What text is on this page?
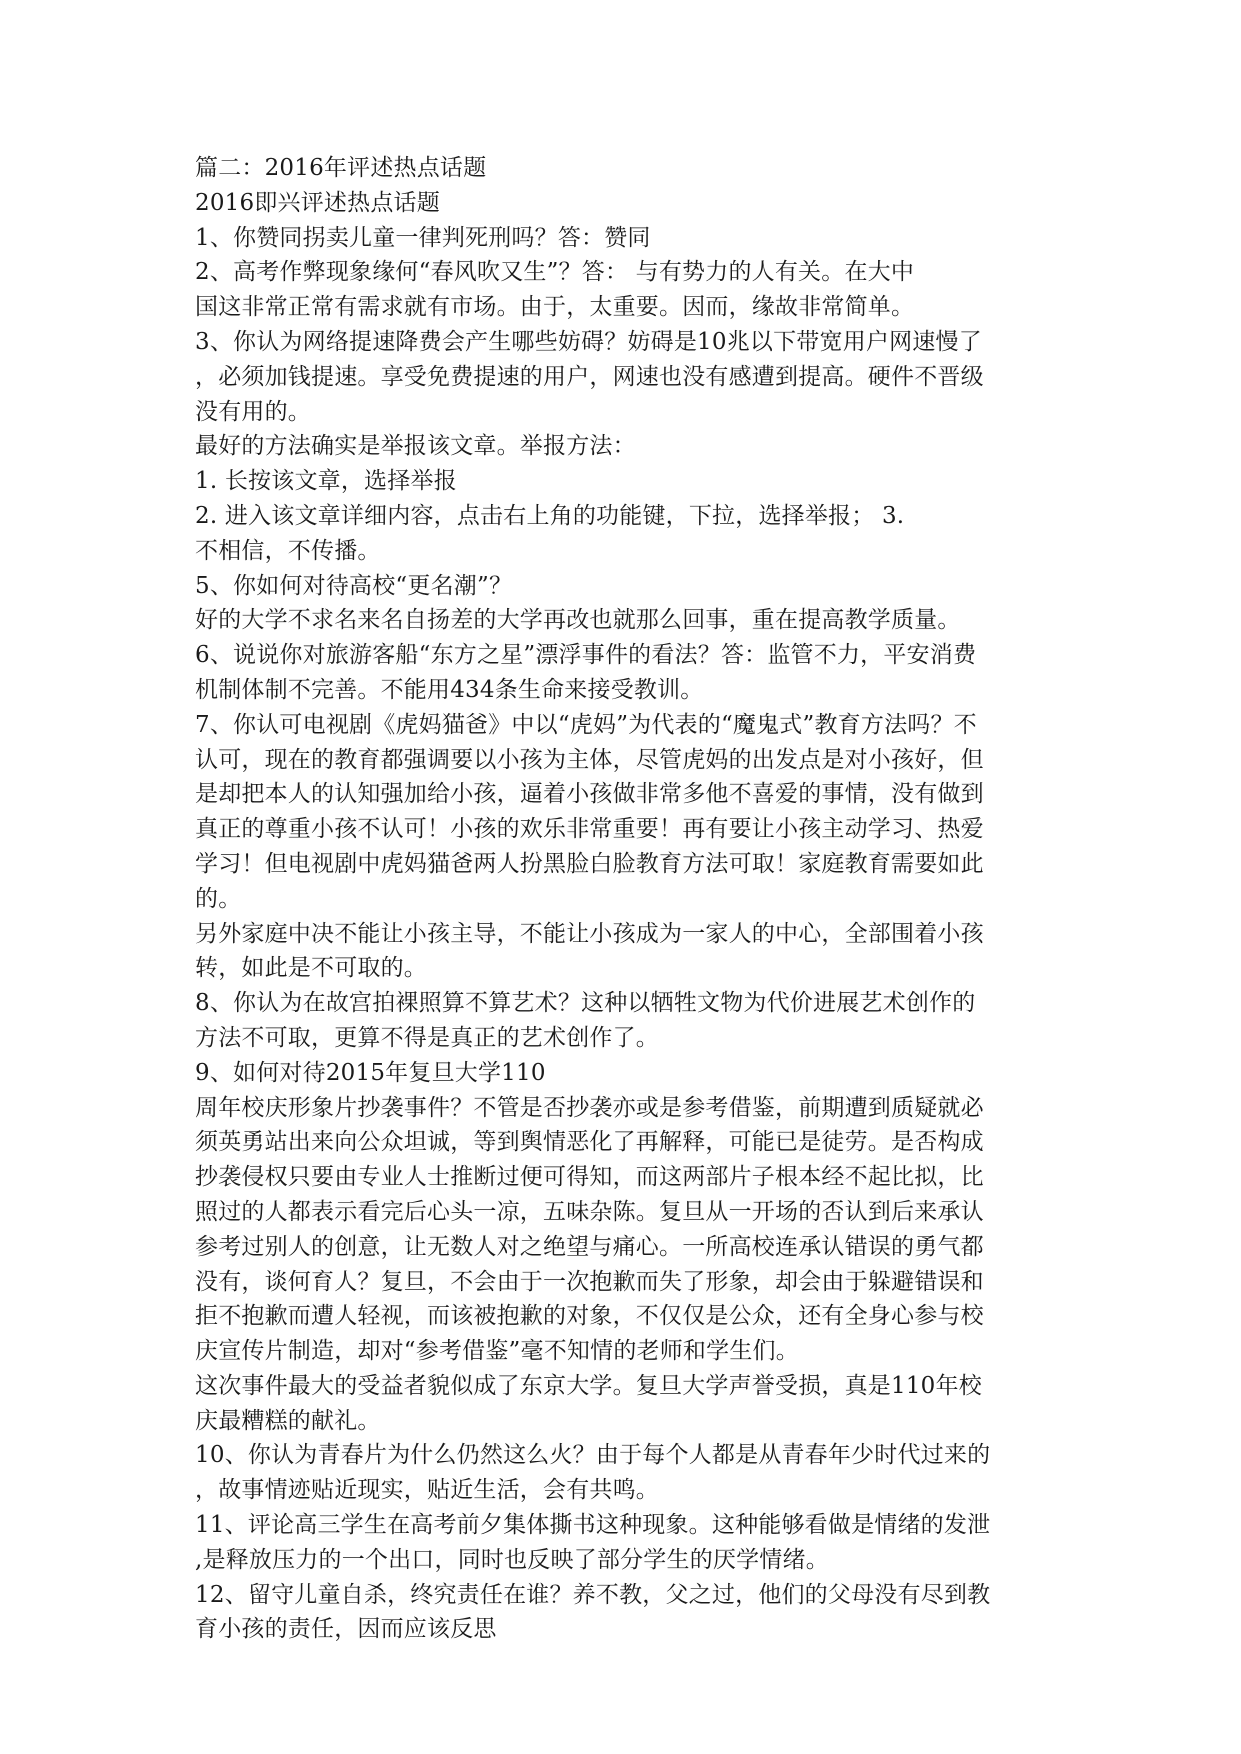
篇二：2016年评述热点话题
2016即兴评述热点话题
1、你赞同拐卖儿童一律判死刑吗？答：赞同
2、高考作弊现象缘何“春风吹又生”？答： 与有势力的人有关。在大中
国这非常正常有需求就有市场。由于，太重要。因而，缘故非常简单。
3、你认为网络提速降费会产生哪些妨碍？妨碍是10兆以下带宽用户网速慢了
，必须加钱提速。享受免费提速的用户，网速也没有感遭到提高。硬件不晋级
没有用的。
最好的方法确实是举报该文章。举报方法：
1. 长按该文章，选择举报
2. 进入该文章详细内容，点击右上角的功能键，下拉，选择举报； 3.
不相信，不传播。
5、你如何对待高校“更名潮”？
好的大学不求名来名自扬差的大学再改也就那么回事，重在提高教学质量。
6、说说你对旅游客船“东方之星”漂浮事件的看法？答：监管不力，平安消费
机制体制不完善。不能用434条生命来接受教训。
7、你认可电视剧《虎妈猫爸》中以“虎妈”为代表的“魔鬼式”教育方法吗？不
认可，现在的教育都强调要以小孩为主体，尽管虎妈的出发点是对小孩好，但
是却把本人的认知强加给小孩，逼着小孩做非常多他不喜爱的事情，没有做到
真正的尊重小孩不认可！小孩的欢乐非常重要！再有要让小孩主动学习、热爱
学习！但电视剧中虎妈猫爸两人扮黑脸白脸教育方法可取！家庭教育需要如此
的。
另外家庭中决不能让小孩主导，不能让小孩成为一家人的中心，全部围着小孩
转，如此是不可取的。
8、你认为在故宫拍裸照算不算艺术？这种以牺牲文物为代价进展艺术创作的
方法不可取，更算不得是真正的艺术创作了。
9、如何对待2015年复旦大学110
周年校庆形象片抄袭事件？不管是否抄袭亦或是参考借鉴，前期遭到质疑就必
须英勇站出来向公众坦诚，等到舆情恶化了再解释，可能已是徒劳。是否构成
抄袭侵权只要由专业人士推断过便可得知，而这两部片子根本经不起比拟，比
照过的人都表示看完后心头一凉，五味杂陈。复旦从一开场的否认到后来承认
参考过别人的创意，让无数人对之绝望与痛心。一所高校连承认错误的勇气都
没有，谈何育人？复旦，不会由于一次抱歉而失了形象，却会由于躲避错误和
拒不抱歉而遭人轻视，而该被抱歉的对象，不仅仅是公众，还有全身心参与校
庆宣传片制造，却对“参考借鉴”毫不知情的老师和学生们。
这次事件最大的受益者貌似成了东京大学。复旦大学声誉受损，真是110年校
庆最糟糕的献礼。
10、你认为青春片为什么仍然这么火？由于每个人都是从青春年少时代过来的
，故事情迹贴近现实，贴近生活，会有共鸣。
11、评论高三学生在高考前夕集体撕书这种现象。这种能够看做是情绪的发泄
,是释放压力的一个出口，同时也反映了部分学生的厌学情绪。
12、留守儿童自杀，终究责任在谁？养不教，父之过，他们的父母没有尽到教
育小孩的责任，因而应该反思
